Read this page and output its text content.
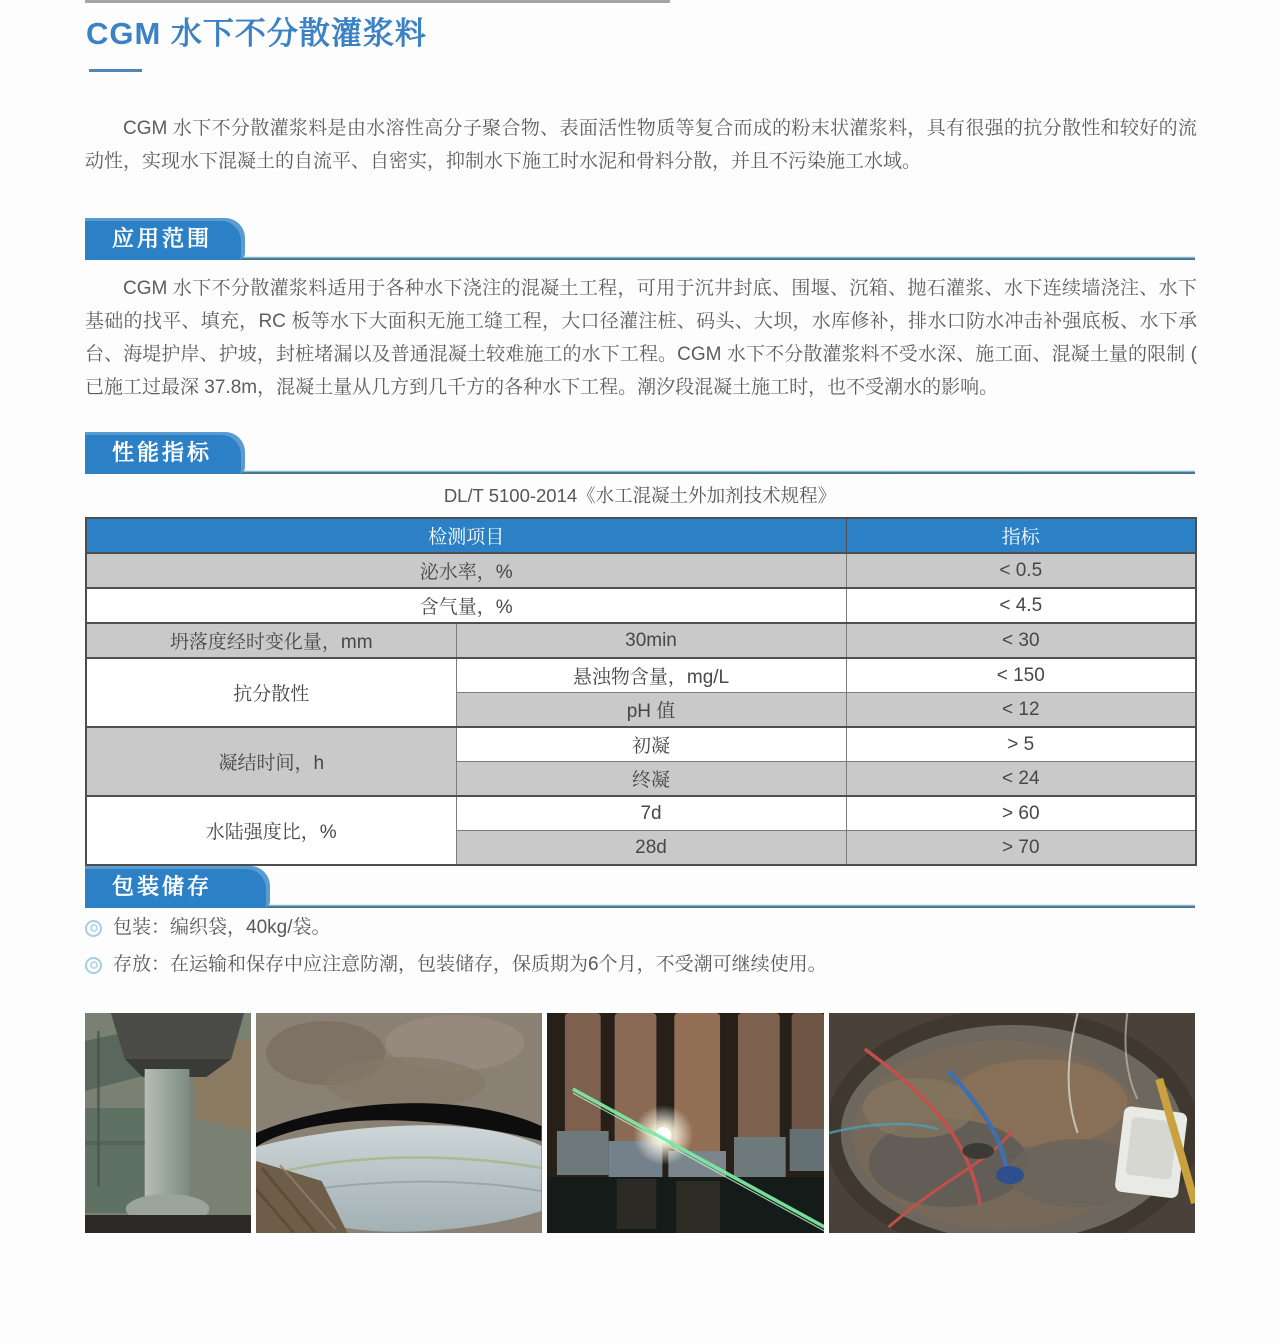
CGM 水下不分散灌浆料

CGM 水下不分散灌浆料是由水溶性高分子聚合物、表面活性物质等复合而成的粉末状灌浆料，具有很强的抗分散性和较好的流动性，实现水下混凝土的自流平、自密实，抑制水下施工时水泥和骨料分散，并且不污染施工水域。

应用范围

CGM 水下不分散灌浆料适用于各种水下浇注的混凝土工程，可用于沉井封底、围堰、沉箱、抛石灌浆、水下连续墙浇注、水下基础的找平、填充，RC 板等水下大面积无施工缝工程，大口径灌注桩、码头、大坝，水库修补，排水口防水冲击补强底板、水下承台、海堤护岸、护坡，封桩堵漏以及普通混凝土较难施工的水下工程。CGM 水下不分散灌浆料不受水深、施工面、混凝土量的限制 ( 已施工过最深 37.8m，混凝土量从几方到几千方的各种水下工程。潮汐段混凝土施工时，也不受潮水的影响。

性能指标
DL/T 5100-2014《水工混凝土外加剂技术规程》
检测项目		指标
泌水率，%		< 0.5
含气量，%		< 4.5
坍落度经时变化量，mm	30min	< 30
抗分散性	悬浊物含量，mg/L	< 150
	pH 值	< 12
凝结时间，h	初凝	> 5
	终凝	< 24
水陆强度比，%	7d	> 60
	28d	> 70
包装储存
包装：编织袋，40kg/袋。
存放：在运输和保存中应注意防潮，包装储存，保质期为6个月，不受潮可继续使用。
